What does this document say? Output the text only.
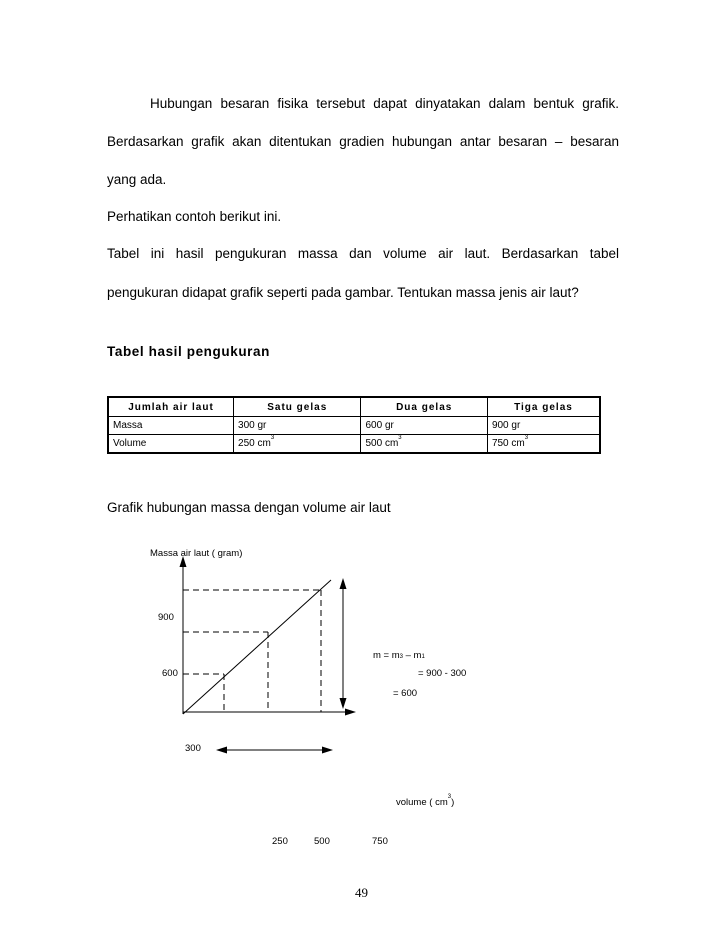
Hubungan besaran fisika tersebut dapat dinyatakan dalam bentuk grafik.
Berdasarkan grafik akan ditentukan gradien hubungan antar besaran – besaran
yang ada.
Perhatikan contoh berikut ini.
Tabel ini hasil pengukuran massa dan volume air laut. Berdasarkan tabel
pengukuran didapat grafik seperti pada gambar. Tentukan massa jenis air laut?
Tabel hasil pengukuran
Jumlah air laut	Satu gelas	Dua gelas	Tiga gelas
Massa	300 gr	600 gr	900 gr
Volume	250 $cm^3$	500 $cm^3$	750 $cm^3$
Grafik hubungan massa dengan volume air laut
Massa air laut ( gram)
900
600
300
m = m3 – m1
= 900 - 300
= 600
volume ( $cm^3$)
250	500	750
49
